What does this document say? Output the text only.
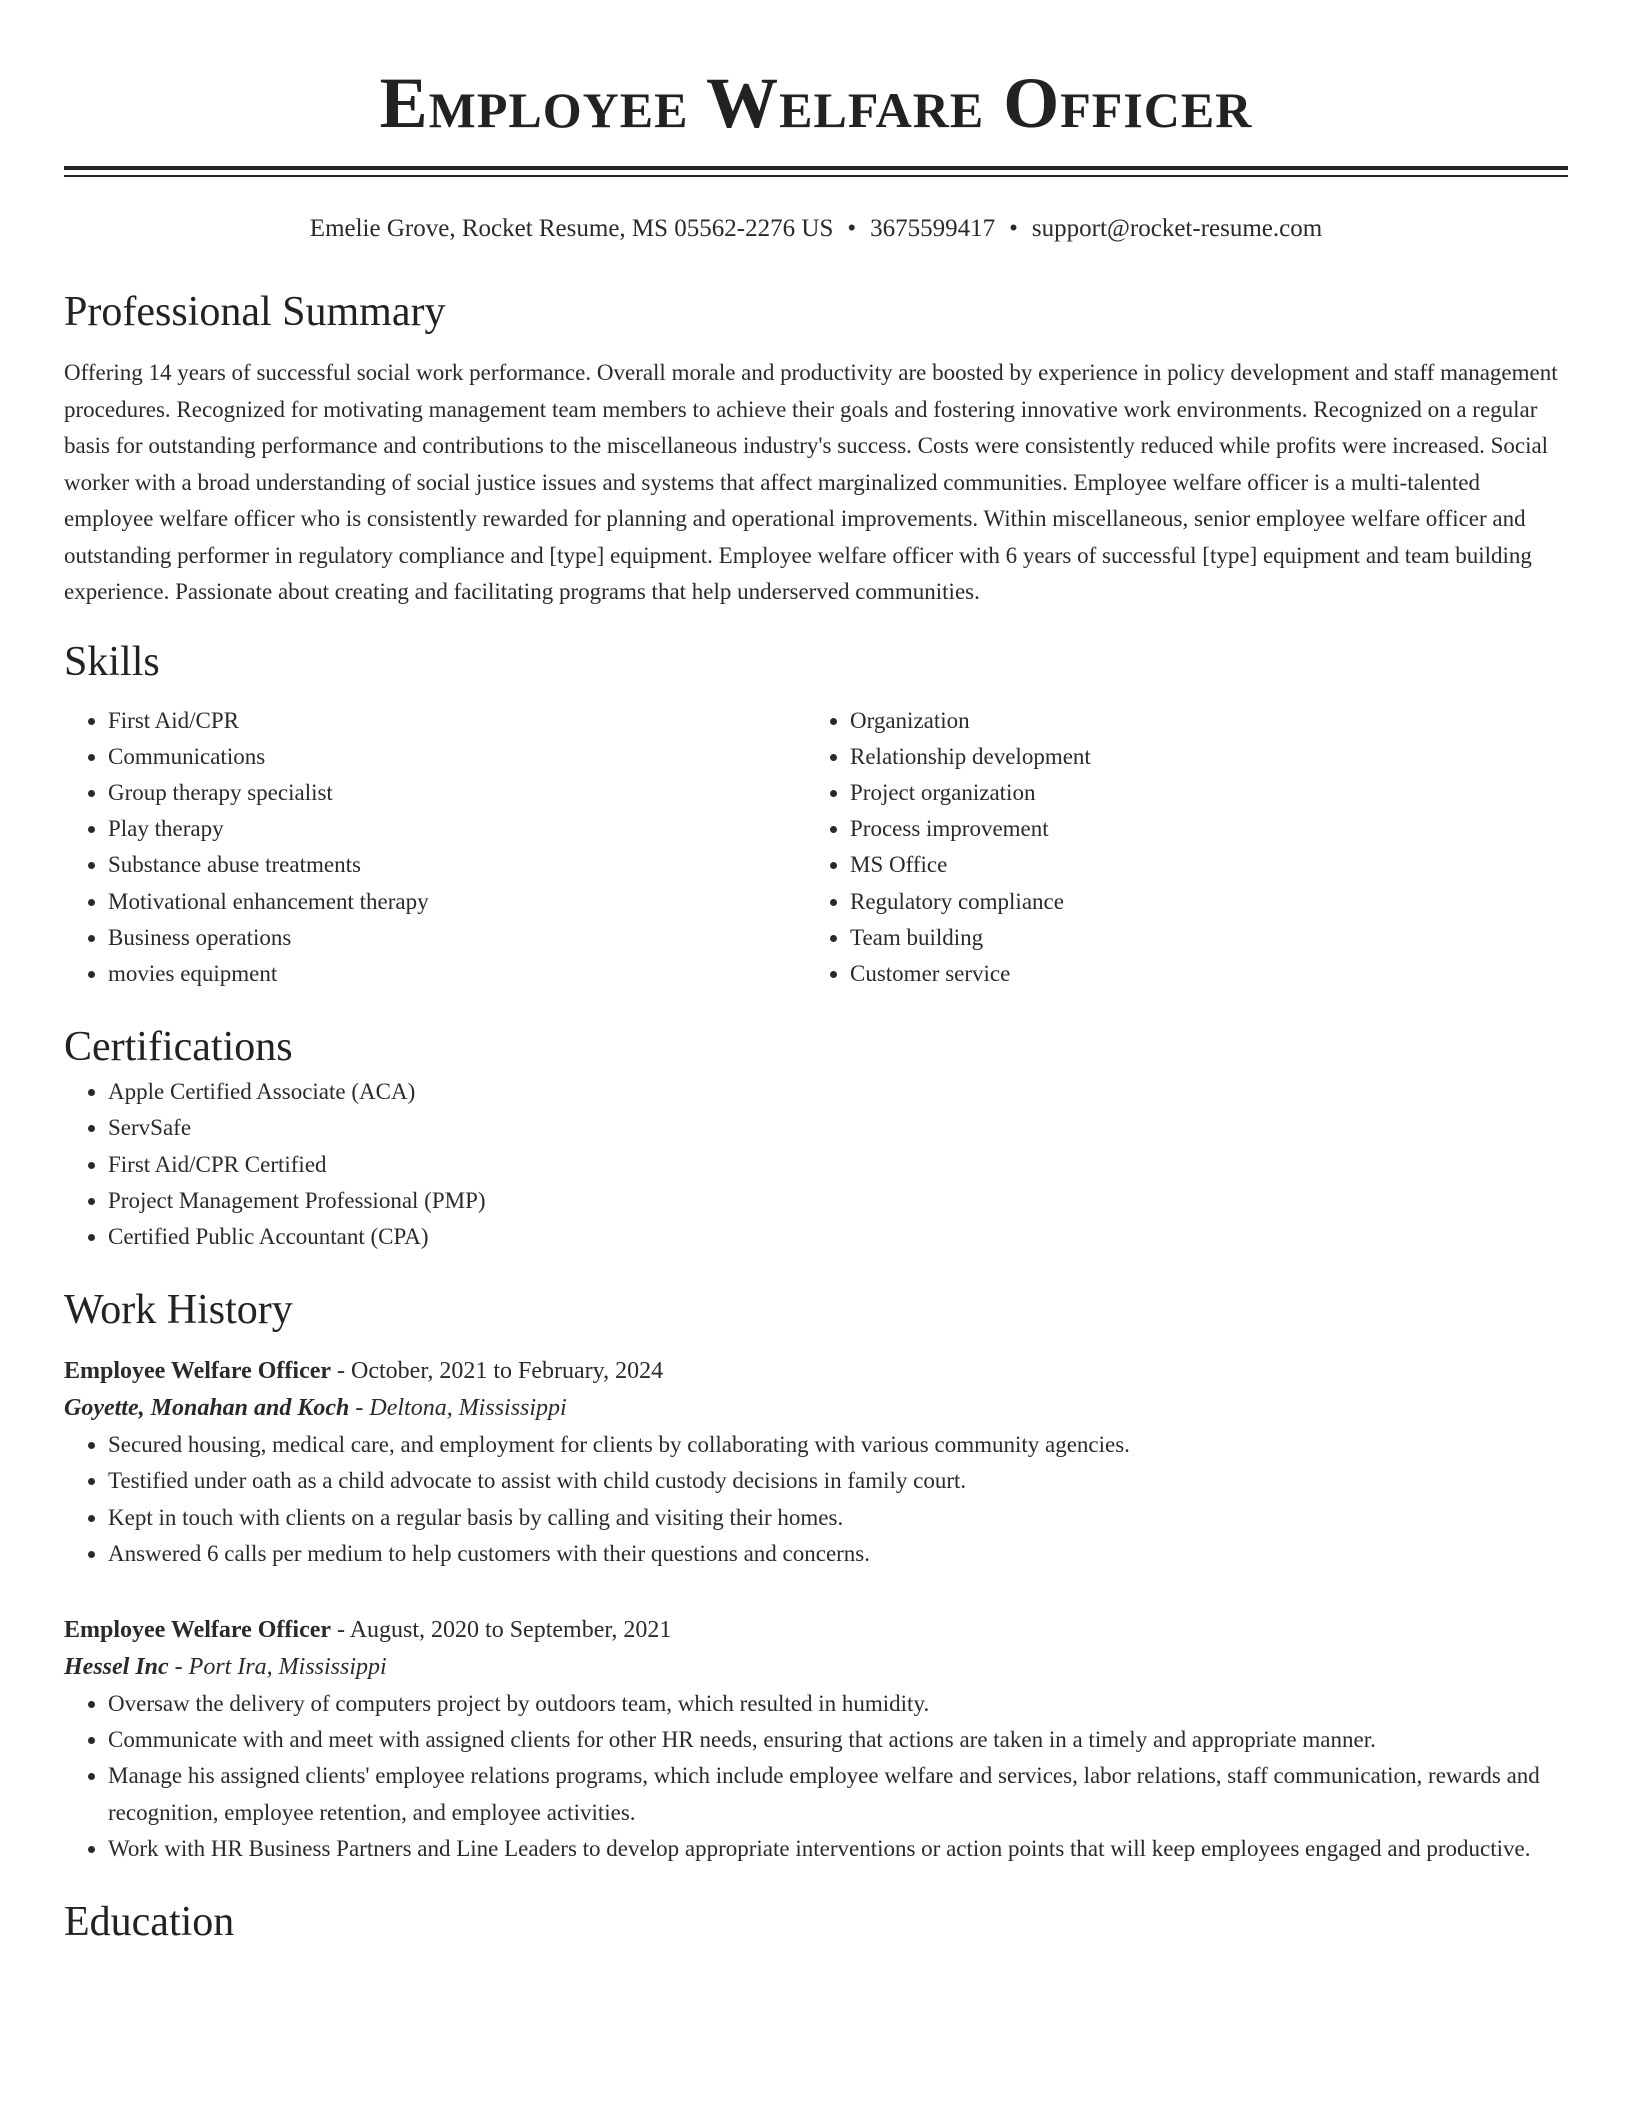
Employee Welfare Officer
Emelie Grove, Rocket Resume, MS 05562-2276 US • 3675599417 • support@rocket-resume.com
Professional Summary

Offering 14 years of successful social work performance. Overall morale and productivity are boosted by experience in policy development and staff management procedures. Recognized for motivating management team members to achieve their goals and fostering innovative work environments. Recognized on a regular basis for outstanding performance and contributions to the miscellaneous industry's success. Costs were consistently reduced while profits were increased. Social worker with a broad understanding of social justice issues and systems that affect marginalized communities. Employee welfare officer is a multi-talented employee welfare officer who is consistently rewarded for planning and operational improvements. Within miscellaneous, senior employee welfare officer and outstanding performer in regulatory compliance and [type] equipment. Employee welfare officer with 6 years of successful [type] equipment and team building experience. Passionate about creating and facilitating programs that help underserved communities.

Skills
• First Aid/CPR
• Communications
• Group therapy specialist
• Play therapy
• Substance abuse treatments
• Motivational enhancement therapy
• Business operations
• movies equipment
• Organization
• Relationship development
• Project organization
• Process improvement
• MS Office
• Regulatory compliance
• Team building
• Customer service
Certifications
• Apple Certified Associate (ACA)
• ServSafe
• First Aid/CPR Certified
• Project Management Professional (PMP)
• Certified Public Accountant (CPA)
Work History
Employee Welfare Officer - October, 2021 to February, 2024
Goyette, Monahan and Koch - Deltona, Mississippi
• Secured housing, medical care, and employment for clients by collaborating with various community agencies.
• Testified under oath as a child advocate to assist with child custody decisions in family court.
• Kept in touch with clients on a regular basis by calling and visiting their homes.
• Answered 6 calls per medium to help customers with their questions and concerns.
Employee Welfare Officer - August, 2020 to September, 2021
Hessel Inc - Port Ira, Mississippi
• Oversaw the delivery of computers project by outdoors team, which resulted in humidity.
• Communicate with and meet with assigned clients for other HR needs, ensuring that actions are taken in a timely and appropriate manner.
• Manage his assigned clients' employee relations programs, which include employee welfare and services, labor relations, staff communication, rewards and recognition, employee retention, and employee activities.
• Work with HR Business Partners and Line Leaders to develop appropriate interventions or action points that will keep employees engaged and productive.
Education
